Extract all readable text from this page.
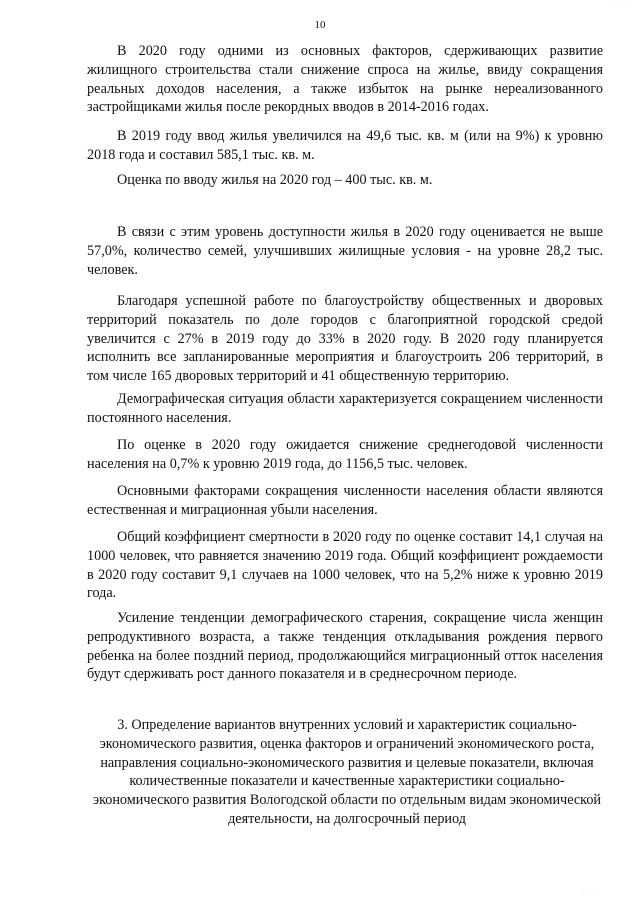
10
В 2020 году одними из основных факторов, сдерживающих развитие жилищного строительства стали снижение спроса на жилье, ввиду сокращения реальных доходов населения, а также избыток на рынке нереализованного застройщиками жилья после рекордных вводов в 2014-2016 годах.
В 2019 году ввод жилья увеличился на 49,6 тыс. кв. м (или на 9%) к уровню 2018 года и составил 585,1 тыс. кв. м.
Оценка по вводу жилья на 2020 год – 400 тыс. кв. м.
В связи с этим уровень доступности жилья в 2020 году оценивается не выше 57,0%, количество семей, улучшивших жилищные условия - на уровне 28,2 тыс. человек.
Благодаря успешной работе по благоустройству общественных и дворовых территорий показатель по доле городов с благоприятной городской средой увеличится с 27% в 2019 году до 33% в 2020 году. В 2020 году планируется исполнить все запланированные мероприятия и благоустроить 206 территорий, в том числе 165 дворовых территорий и 41 общественную территорию.
Демографическая ситуация области характеризуется сокращением численности постоянного населения.
По оценке в 2020 году ожидается снижение среднегодовой численности населения на 0,7% к уровню 2019 года, до 1156,5 тыс. человек.
Основными факторами сокращения численности населения области являются естественная и миграционная убыли населения.
Общий коэффициент смертности в 2020 году по оценке составит 14,1 случая на 1000 человек, что равняется значению 2019 года. Общий коэффициент рождаемости в 2020 году составит 9,1 случаев на 1000 человек, что на 5,2% ниже к уровню 2019 года.
Усиление тенденции демографического старения, сокращение числа женщин репродуктивного возраста, а также тенденция откладывания рождения первого ребенка на более поздний период, продолжающийся миграционный отток населения будут сдерживать рост данного показателя и в среднесрочном периоде.
3. Определение вариантов внутренних условий и характеристик социально-экономического развития, оценка факторов и ограничений экономического роста, направления социально-экономического развития и целевые показатели, включая количественные показатели и качественные характеристики социально-экономического развития Вологодской области по отдельным видам экономической деятельности, на долгосрочный период
· · · ·
· · · ·
